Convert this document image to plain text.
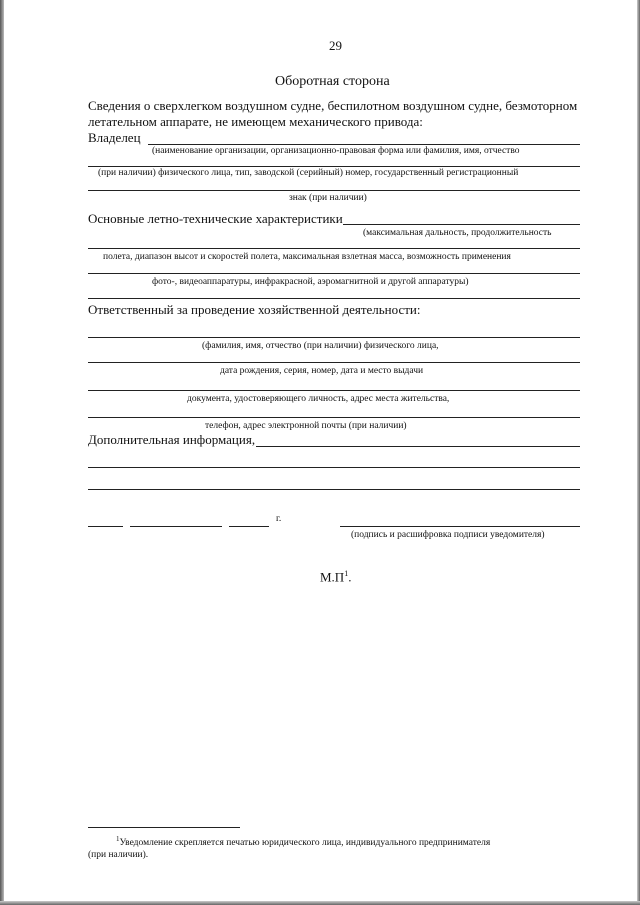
29
Оборотная сторона
Сведения о сверхлегком воздушном судне, беспилотном воздушном судне, безмоторном
летательном аппарате, не имеющем механического привода:
Владелец
(наименование организации, организационно-правовая форма или фамилия, имя, отчество
(при наличии) физического лица, тип, заводской (серийный) номер, государственный регистрационный
знак (при наличии)
Основные летно-технические характеристики
(максимальная дальность, продолжительность
полета, диапазон высот и скоростей полета, максимальная взлетная масса, возможность применения
фото-, видеоаппаратуры, инфракрасной, аэромагнитной и другой аппаратуры)
Ответственный за проведение хозяйственной деятельности:
(фамилия, имя, отчество (при наличии) физического лица,
дата рождения, серия, номер, дата и место выдачи
документа, удостоверяющего личность, адрес места жительства,
телефон, адрес электронной почты (при наличии)
Дополнительная информация,
г.
(подпись и расшифровка подписи уведомителя)
$М.П^1$.
$^1$Уведомление скрепляется печатью юридического лица, индивидуального предпринимателя
(при наличии).
